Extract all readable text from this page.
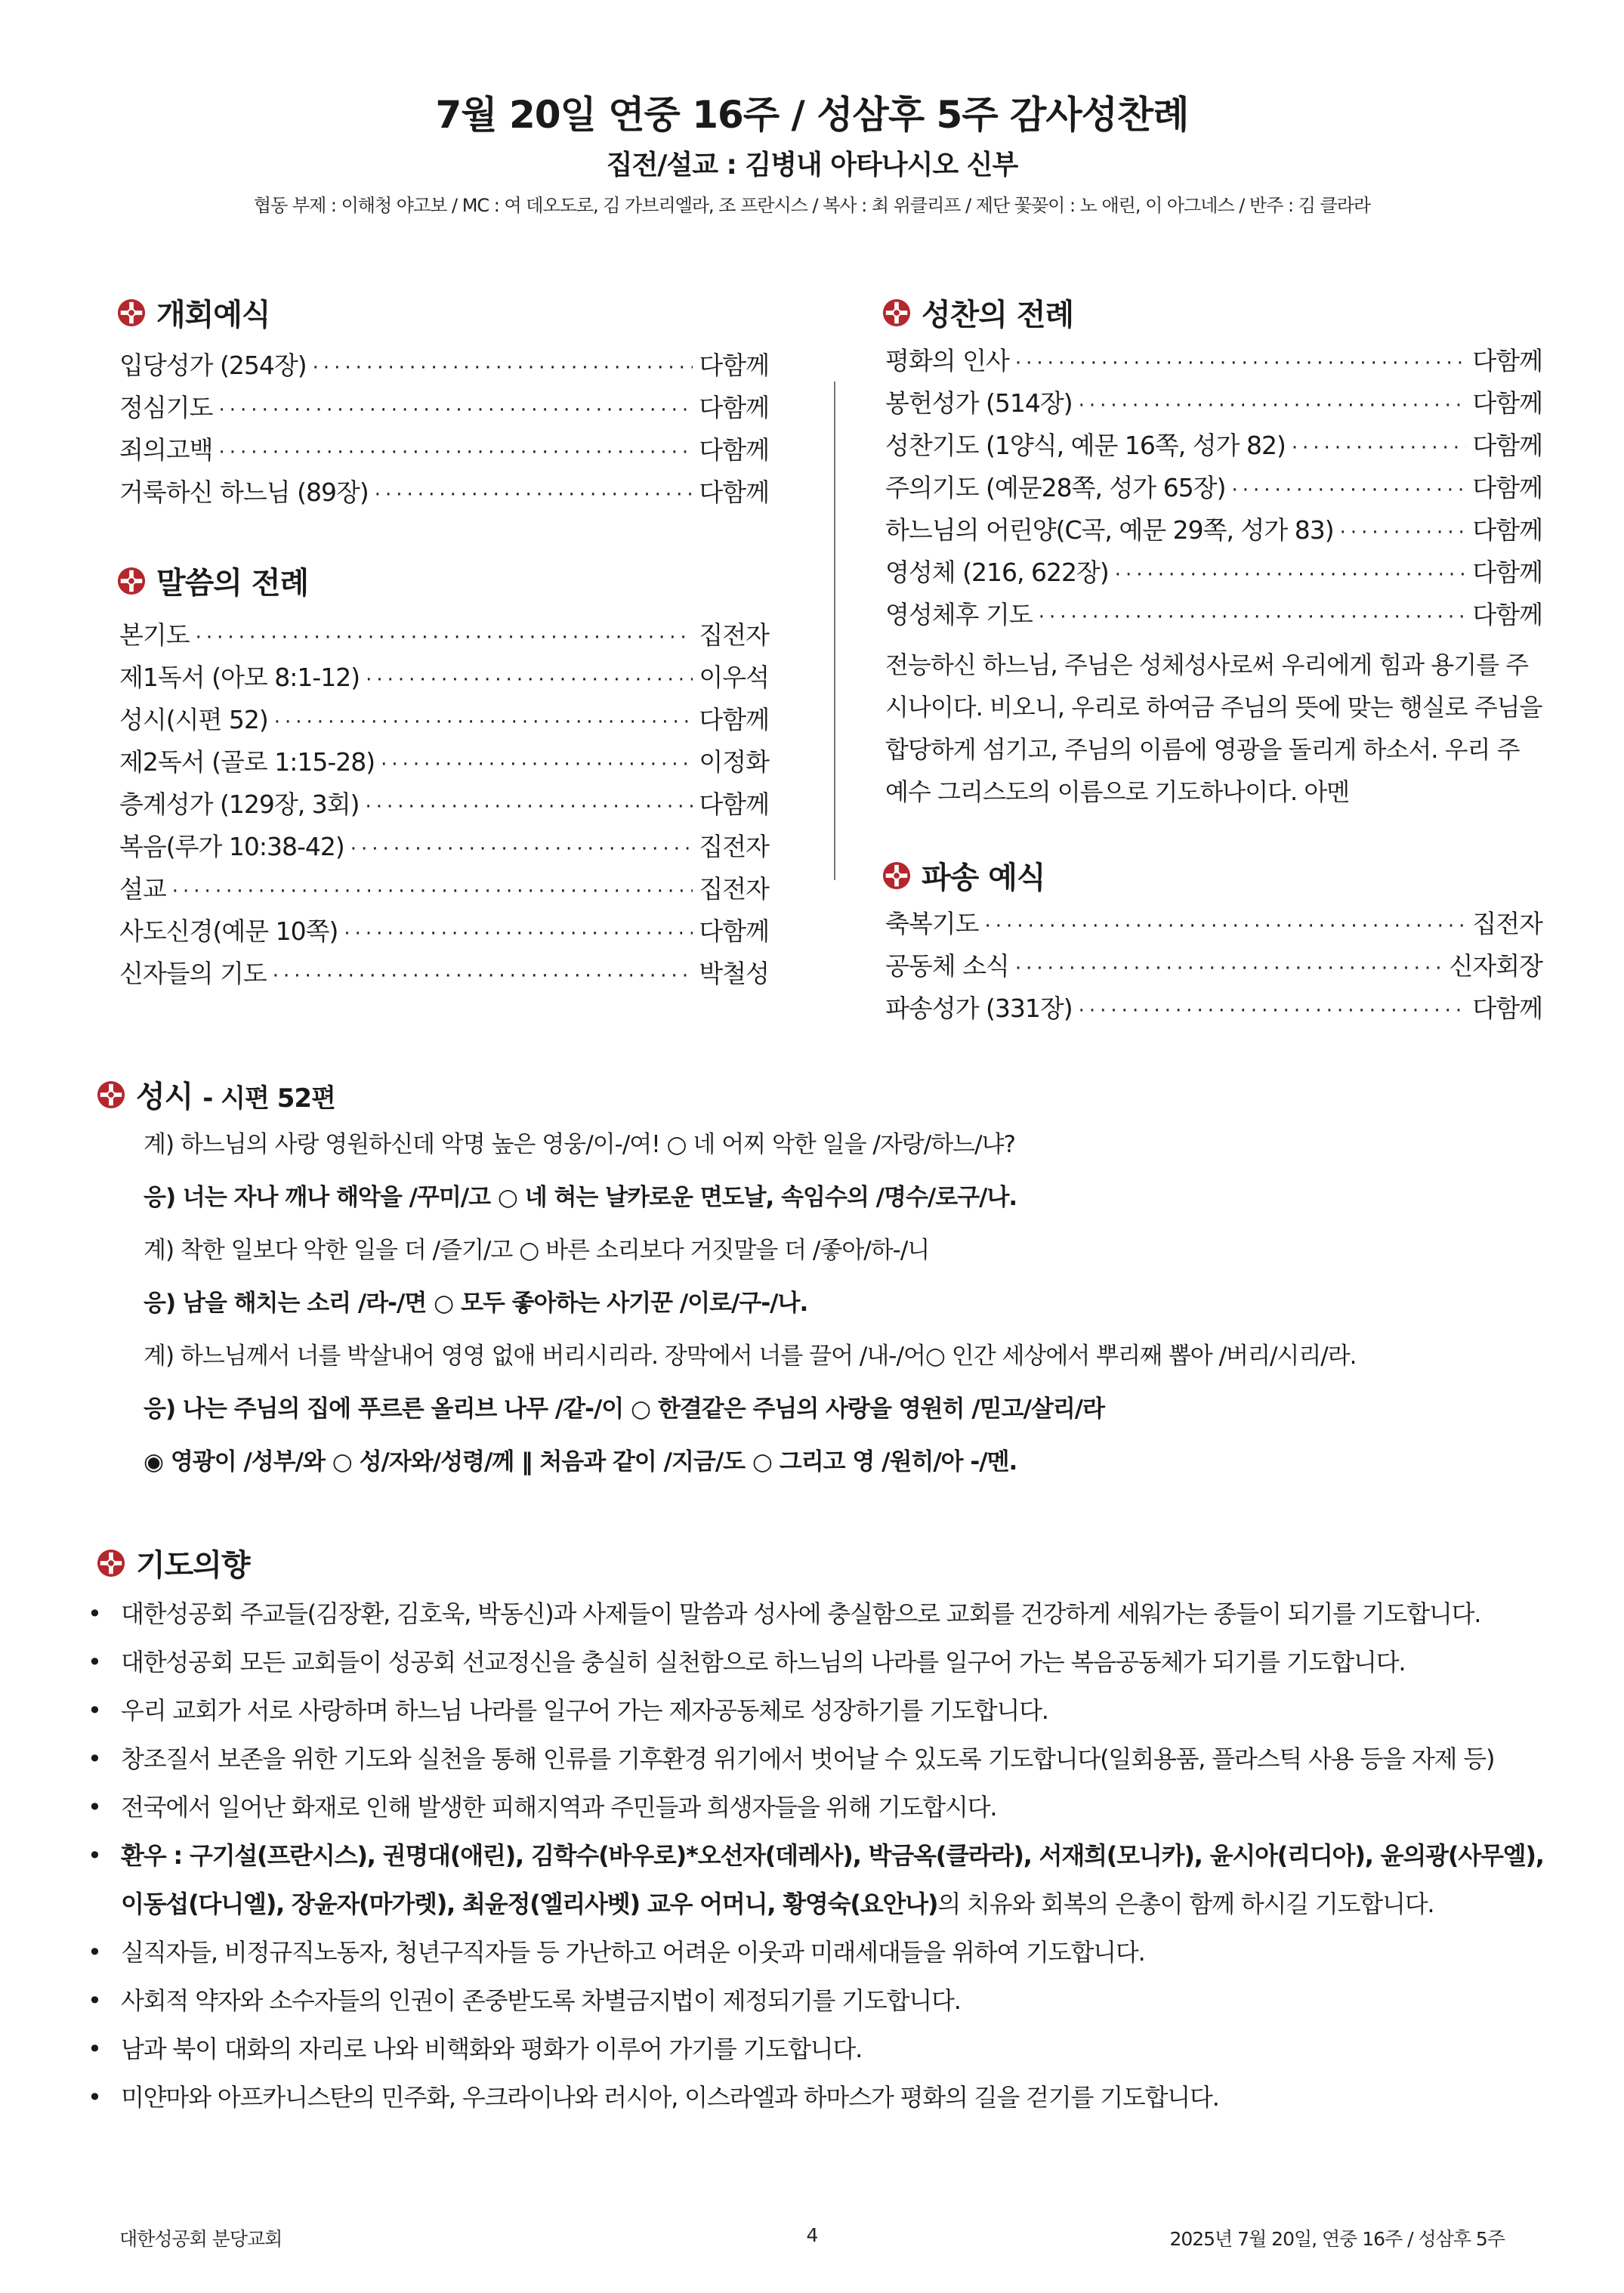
7월 20일 연중 16주 / 성삼후 5주 감사성찬례
집전/설교 : 김병내 아타나시오 신부
협동 부제 : 이해청 야고보 / MC : 여 데오도로, 김 가브리엘라, 조 프란시스 / 복사 : 최 위클리프 / 제단 꽃꽂이 : 노 애린, 이 아그네스 / 반주 : 김 클라라
개회예식
입당성가 (254장) ·····	다함께
정심기도 ·····	다함께
죄의고백 ·····	다함께
거룩하신 하느님 (89장) ·····	다함께
말씀의 전례
본기도 ·····	집전자
제1독서 (아모 8:1-12) ·····	이우석
성시(시편 52) ·····	다함께
제2독서 (골로 1:15-28) ·····	이정화
층계성가 (129장, 3회) ·····	다함께
복음(루가 10:38-42) ·····	집전자
설교 ·····	집전자
사도신경(예문 10쪽) ·····	다함께
신자들의 기도 ·····	박철성
성찬의 전례
평화의 인사 ·····	다함께
봉헌성가 (514장) ·····	다함께
성찬기도 (1양식, 예문 16쪽, 성가 82) ·····	다함께
주의기도 (예문28쪽, 성가 65장) ·····	다함께
하느님의 어린양(C곡, 예문 29쪽, 성가 83) ·····	다함께
영성체 (216, 622장) ·····	다함께
영성체후 기도 ·····	다함께
전능하신 하느님, 주님은 성체성사로써 우리에게 힘과 용기를 주시나이다. 비오니, 우리로 하여금 주님의 뜻에 맞는 행실로 주님을 합당하게 섬기고, 주님의 이름에 영광을 돌리게 하소서. 우리 주 예수 그리스도의 이름으로 기도하나이다. 아멘
파송 예식
축복기도 ·····	집전자
공동체 소식 ·····	신자회장
파송성가 (331장) ·····	다함께
성시 - 시편 52편
계) 하느님의 사랑 영원하신데 악명 높은 영웅/이-/여! ○ 네 어찌 악한 일을 /자랑/하느/냐?
응) 너는 자나 깨나 해악을 /꾸미/고 ○ 네 혀는 날카로운 면도날, 속임수의 /명수/로구/나.
계) 착한 일보다 악한 일을 더 /즐기/고 ○ 바른 소리보다 거짓말을 더 /좋아/하-/니
응) 남을 해치는 소리 /라-/면 ○ 모두 좋아하는 사기꾼 /이로/구-/나.
계) 하느님께서 너를 박살내어 영영 없애 버리시리라. 장막에서 너를 끌어 /내-/어○ 인간 세상에서 뿌리째 뽑아 /버리/시리/라.
응) 나는 주님의 집에 푸르른 올리브 나무 /같-/이 ○ 한결같은 주님의 사랑을 영원히 /믿고/살리/라
◉ 영광이 /성부/와 ○ 성/자와/성령/께 ‖ 처음과 같이 /지금/도 ○ 그리고 영 /원히/아 -/멘.
기도의향
• 대한성공회 주교들(김장환, 김호욱, 박동신)과 사제들이 말씀과 성사에 충실함으로 교회를 건강하게 세워가는 종들이 되기를 기도합니다.
• 대한성공회 모든 교회들이 성공회 선교정신을 충실히 실천함으로 하느님의 나라를 일구어 가는 복음공동체가 되기를 기도합니다.
• 우리 교회가 서로 사랑하며 하느님 나라를 일구어 가는 제자공동체로 성장하기를 기도합니다.
• 창조질서 보존을 위한 기도와 실천을 통해 인류를 기후환경 위기에서 벗어날 수 있도록 기도합니다(일회용품, 플라스틱 사용 등을 자제 등)
• 전국에서 일어난 화재로 인해 발생한 피해지역과 주민들과 희생자들을 위해 기도합시다.
• 환우 : 구기설(프란시스), 권명대(애린), 김학수(바우로)*오선자(데레사), 박금옥(클라라), 서재희(모니카), 윤시아(리디아), 윤의광(사무엘), 이동섭(다니엘), 장윤자(마가렛), 최윤정(엘리사벳) 교우 어머니, 황영숙(요안나)의 치유와 회복의 은총이 함께 하시길 기도합니다.
• 실직자들, 비정규직노동자, 청년구직자들 등 가난하고 어려운 이웃과 미래세대들을 위하여 기도합니다.
• 사회적 약자와 소수자들의 인권이 존중받도록 차별금지법이 제정되기를 기도합니다.
• 남과 북이 대화의 자리로 나와 비핵화와 평화가 이루어 가기를 기도합니다.
• 미얀마와 아프카니스탄의 민주화, 우크라이나와 러시아, 이스라엘과 하마스가 평화의 길을 걷기를 기도합니다.
대한성공회 분당교회	4	2025년 7월 20일, 연중 16주 / 성삼후 5주
